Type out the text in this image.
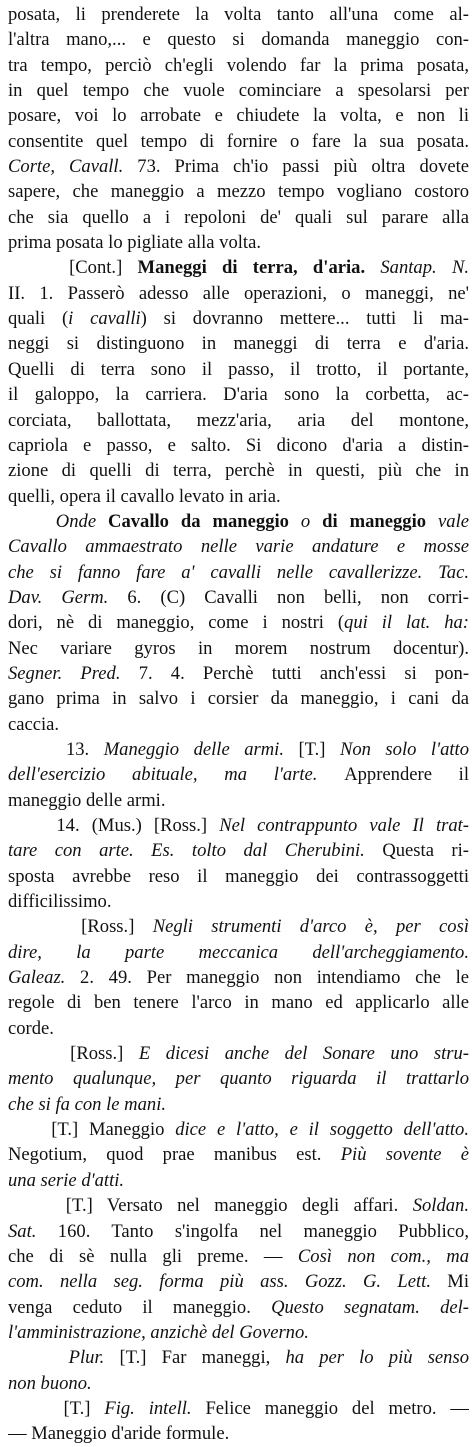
posata, li prenderete la volta tanto all'una come al-
l'altra mano,... e questo si domanda maneggio con-
tra tempo, perciò ch'egli volendo far la prima posata,
in quel tempo che vuole cominciare a spesolarsi per
posare, voi lo arrobate e chiudete la volta, e non li
consentite quel tempo di fornire o fare la sua posata.
Corte, Cavall. 73. Prima ch'io passi più oltra dovete
sapere, che maneggio a mezzo tempo vogliano costoro
che sia quello a i repoloni de' quali sul parare alla
prima posata lo pigliate alla volta.
[Cont.] Maneggi di terra, d'aria. Santap. N.
II. 1. Passerò adesso alle operazioni, o maneggi, ne'
quali (i cavalli) si dovranno mettere... tutti li ma-
neggi si distinguono in maneggi di terra e d'aria.
Quelli di terra sono il passo, il trotto, il portante,
il galoppo, la carriera. D'aria sono la corbetta, ac-
corciata, ballottata, mezz'aria, aria del montone,
capriola e passo, e salto. Si dicono d'aria a distin-
zione di quelli di terra, perchè in questi, più che in
quelli, opera il cavallo levato in aria.
Onde Cavallo da maneggio o di maneggio vale
Cavallo ammaestrato nelle varie andature e mosse
che si fanno fare a' cavalli nelle cavallerizze. Tac.
Dav. Germ. 6. (C) Cavalli non belli, non corri-
dori, nè di maneggio, come i nostri (qui il lat. ha:
Nec variare gyros in morem nostrum docentur).
Segner. Pred. 7. 4. Perchè tutti anch'essi si pon-
gano prima in salvo i corsier da maneggio, i cani da
caccia.
13. Maneggio delle armi. [T.] Non solo l'atto
dell'esercizio abituale, ma l'arte. Apprendere il
maneggio delle armi.
14. (Mus.) [Ross.] Nel contrappunto vale Il trat-
tare con arte. Es. tolto dal Cherubini. Questa ri-
sposta avrebbe reso il maneggio dei contrassoggetti
difficilissimo.
[Ross.] Negli strumenti d'arco è, per così
dire, la parte meccanica dell'archeggiamento.
Galeaz. 2. 49. Per maneggio non intendiamo che le
regole di ben tenere l'arco in mano ed applicarlo alle
corde.
[Ross.] E dicesi anche del Sonare uno stru-
mento qualunque, per quanto riguarda il trattarlo
che si fa con le mani.
[T.] Maneggio dice e l'atto, e il soggetto dell'atto.
Negotium, quod prae manibus est. Più sovente è
una serie d'atti.
[T.] Versato nel maneggio degli affari. Soldan.
Sat. 160. Tanto s'ingolfa nel maneggio Pubblico,
che di sè nulla gli preme. — Così non com., ma
com. nella seg. forma più ass. Gozz. G. Lett. Mi
venga ceduto il maneggio. Questo segnatam. del-
l'amministrazione, anzichè del Governo.
Plur. [T.] Far maneggi, ha per lo più senso
non buono.
[T.] Fig. intell. Felice maneggio del metro. —
— Maneggio d'aride formule.
